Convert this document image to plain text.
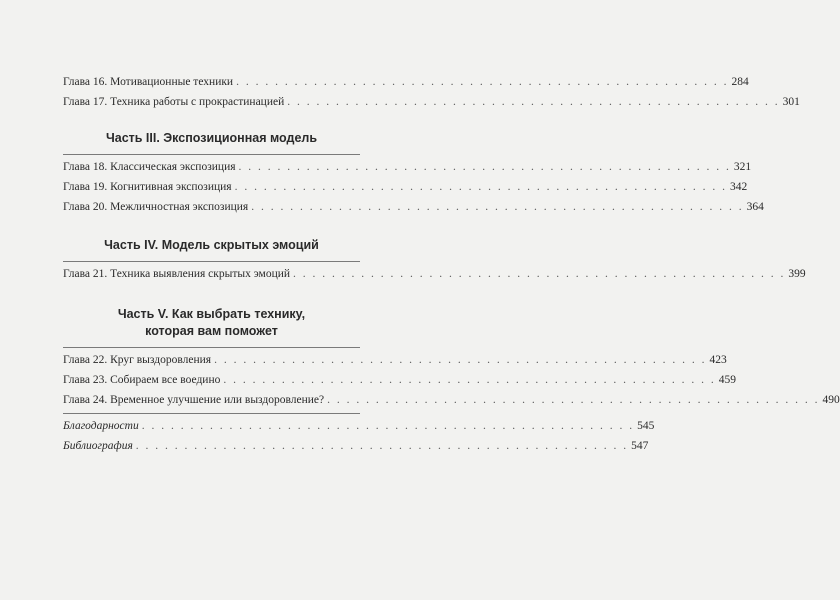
Глава 16. Мотивационные техники . . . . . . . . . . . . . . . . . . . . . . . . . . . . . . . . . . . . . . . . . . . . . . . . . . . 284
Глава 17. Техника работы с прокрастинацией . . . . . . . . . . . . . . . . . . . . . . . . . . . . . . . . . . . . . . . . . . . . . . . . . . . 301
Часть III. Экспозиционная модель
Глава 18. Классическая экспозиция . . . . . . . . . . . . . . . . . . . . . . . . . . . . . . . . . . . . . . . . . . . . . . . . . . . 321
Глава 19. Когнитивная экспозиция . . . . . . . . . . . . . . . . . . . . . . . . . . . . . . . . . . . . . . . . . . . . . . . . . . . 342
Глава 20. Межличностная экспозиция . . . . . . . . . . . . . . . . . . . . . . . . . . . . . . . . . . . . . . . . . . . . . . . . . . . 364
Часть IV. Модель скрытых эмоций
Глава 21. Техника выявления скрытых эмоций . . . . . . . . . . . . . . . . . . . . . . . . . . . . . . . . . . . . . . . . . . . . . . . . . . . 399
Часть V. Как выбрать технику,
которая вам поможет
Глава 22. Круг выздоровления . . . . . . . . . . . . . . . . . . . . . . . . . . . . . . . . . . . . . . . . . . . . . . . . . . . 423
Глава 23. Собираем все воедино . . . . . . . . . . . . . . . . . . . . . . . . . . . . . . . . . . . . . . . . . . . . . . . . . . . 459
Глава 24. Временное улучшение или выздоровление? . . . . . . . . . . . . . . . . . . . . . . . . . . . . . . . . . . . . . . . . . . . . . . . . . . . 490
Благодарности . . . . . . . . . . . . . . . . . . . . . . . . . . . . . . . . . . . . . . . . . . . . . . . . . . . 545
Библиография . . . . . . . . . . . . . . . . . . . . . . . . . . . . . . . . . . . . . . . . . . . . . . . . . . . 547
